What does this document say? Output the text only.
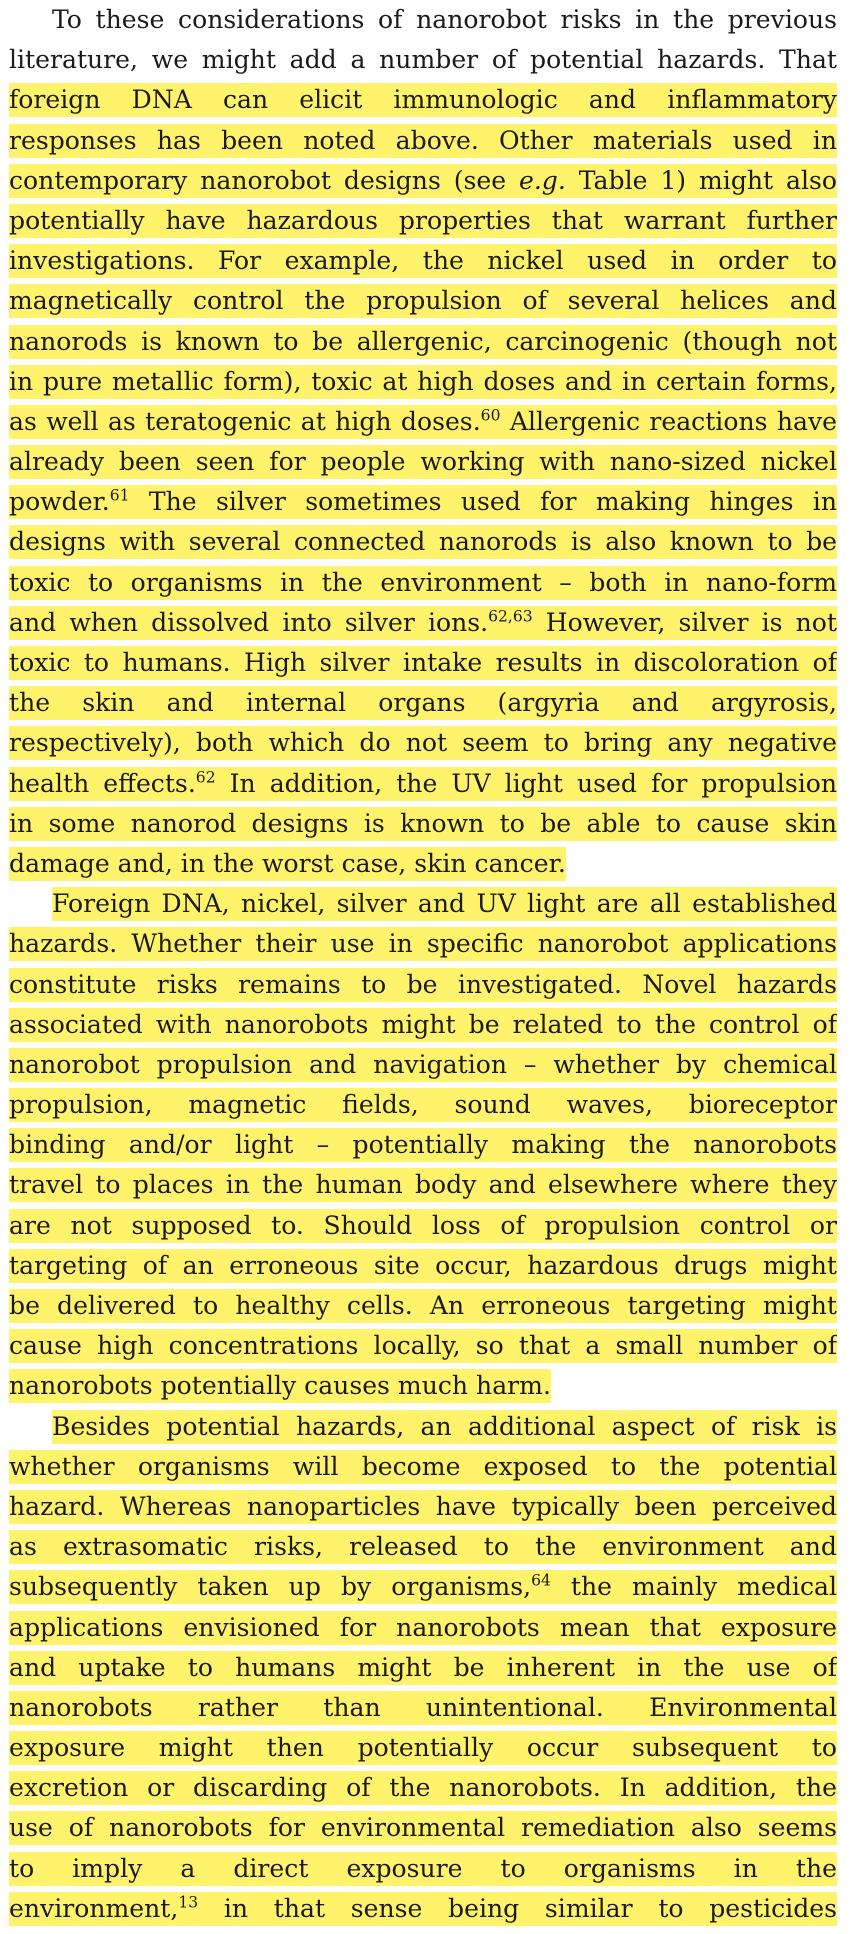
To these considerations of nanorobot risks in the previous
literature, we might add a number of potential hazards. That
foreign DNA can elicit immunologic and inflammatory
responses has been noted above. Other materials used in
contemporary nanorobot designs (see e.g. Table 1) might also
potentially have hazardous properties that warrant further
investigations. For example, the nickel used in order to
magnetically control the propulsion of several helices and
nanorods is known to be allergenic, carcinogenic (though not
in pure metallic form), toxic at high doses and in certain forms,
as well as teratogenic at high doses.$^{60}$ Allergenic reactions have
already been seen for people working with nano-sized nickel
powder.$^{61}$ The silver sometimes used for making hinges in
designs with several connected nanorods is also known to be
toxic to organisms in the environment – both in nano-form
and when dissolved into silver ions.$^{62,63}$ However, silver is not
toxic to humans. High silver intake results in discoloration of
the skin and internal organs (argyria and argyrosis,
respectively), both which do not seem to bring any negative
health effects.$^{62}$ In addition, the UV light used for propulsion
in some nanorod designs is known to be able to cause skin
damage and, in the worst case, skin cancer.
Foreign DNA, nickel, silver and UV light are all established
hazards. Whether their use in specific nanorobot applications
constitute risks remains to be investigated. Novel hazards
associated with nanorobots might be related to the control of
nanorobot propulsion and navigation – whether by chemical
propulsion, magnetic fields, sound waves, bioreceptor
binding and/or light – potentially making the nanorobots
travel to places in the human body and elsewhere where they
are not supposed to. Should loss of propulsion control or
targeting of an erroneous site occur, hazardous drugs might
be delivered to healthy cells. An erroneous targeting might
cause high concentrations locally, so that a small number of
nanorobots potentially causes much harm.
Besides potential hazards, an additional aspect of risk is
whether organisms will become exposed to the potential
hazard. Whereas nanoparticles have typically been perceived
as extrasomatic risks, released to the environment and
subsequently taken up by organisms,$^{64}$ the mainly medical
applications envisioned for nanorobots mean that exposure
and uptake to humans might be inherent in the use of
nanorobots rather than unintentional. Environmental
exposure might then potentially occur subsequent to
excretion or discarding of the nanorobots. In addition, the
use of nanorobots for environmental remediation also seems
to imply a direct exposure to organisms in the
environment,$^{13}$ in that sense being similar to pesticides
